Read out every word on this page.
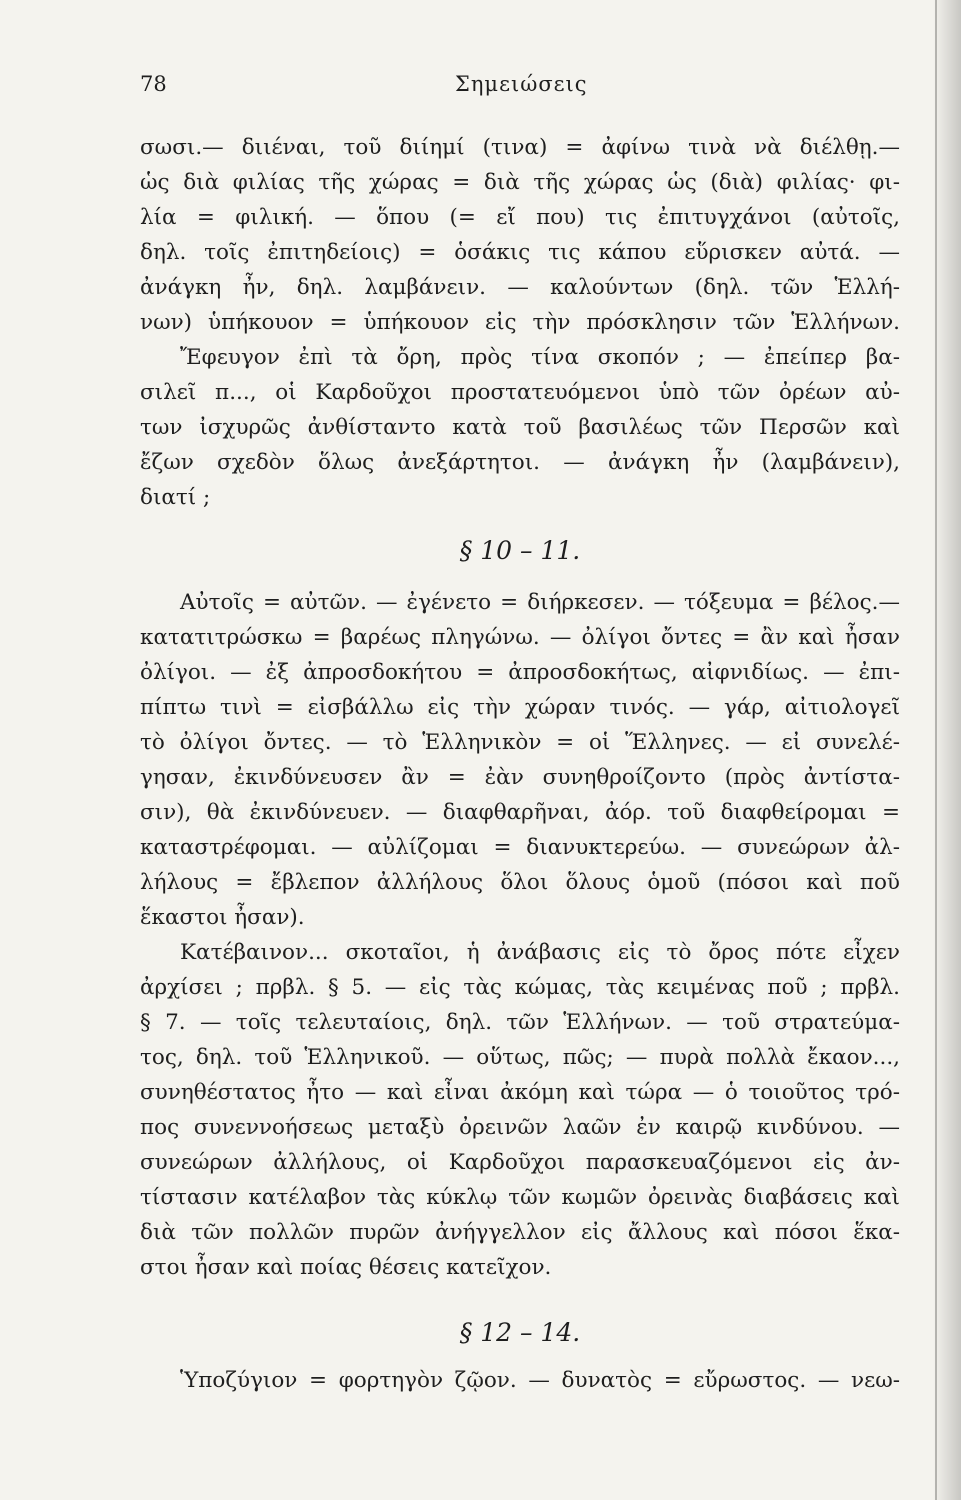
78	Σημειώσεις
σωσι.— διιέναι, τοῦ διίημί (τινα) = ἀφίνω τινὰ νὰ διέλθῃ.—
ὡς διὰ φιλίας τῆς χώρας = διὰ τῆς χώρας ὡς (διὰ) φιλίας· φι-
λία = φιλική. — ὅπου (= εἴ που) τις ἐπιτυγχάνοι (αὐτοῖς,
δηλ. τοῖς ἐπιτηδείοις) = ὁσάκις τις κάπου εὕρισκεν αὐτά. —
ἀνάγκη ἦν, δηλ. λαμβάνειν. — καλούντων (δηλ. τῶν Ἑλλή-
νων) ὑπήκουον = ὑπήκουον εἰς τὴν πρόσκλησιν τῶν Ἑλλήνων.
Ἔφευγον ἐπὶ τὰ ὄρη, πρὸς τίνα σκοπόν ; — ἐπείπερ βα-
σιλεῖ π..., οἱ Καρδοῦχοι προστατευόμενοι ὑπὸ τῶν ὀρέων αὐ-
των ἰσχυρῶς ἀνθίσταντο κατὰ τοῦ βασιλέως τῶν Περσῶν καὶ
ἔζων σχεδὸν ὅλως ἀνεξάρτητοι. — ἀνάγκη ἦν (λαμβάνειν),
διατί ;
§ 10 – 11.
Αὐτοῖς = αὐτῶν. — ἐγένετο = διήρκεσεν. — τόξευμα = βέλος.—
κατατιτρώσκω = βαρέως πληγώνω. — ὀλίγοι ὄντες = ἂν καὶ ἦσαν
ὀλίγοι. — ἐξ ἀπροσδοκήτου = ἀπροσδοκήτως, αἰφνιδίως. — ἐπι-
πίπτω τινὶ = εἰσβάλλω εἰς τὴν χώραν τινός. — γάρ, αἰτιολογεῖ
τὸ ὀλίγοι ὄντες. — τὸ Ἑλληνικὸν = οἱ Ἕλληνες. — εἰ συνελέ-
γησαν, ἐκινδύνευσεν ἂν = ἐὰν συνηθροίζοντο (πρὸς ἀντίστα-
σιν), θὰ ἐκινδύνευεν. — διαφθαρῆναι, ἀόρ. τοῦ διαφθείρομαι =
καταστρέφομαι. — αὐλίζομαι = διανυκτερεύω. — συνεώρων ἀλ-
λήλους = ἔβλεπον ἀλλήλους ὅλοι ὅλους ὁμοῦ (πόσοι καὶ ποῦ
ἕκαστοι ἦσαν).
Κατέβαινον... σκοταῖοι, ἡ ἀνάβασις εἰς τὸ ὄρος πότε εἶχεν
ἀρχίσει ; πρβλ. § 5. — εἰς τὰς κώμας, τὰς κειμένας ποῦ ; πρβλ.
§ 7. — τοῖς τελευταίοις, δηλ. τῶν Ἑλλήνων. — τοῦ στρατεύμα-
τος, δηλ. τοῦ Ἑλληνικοῦ. — οὕτως, πῶς; — πυρὰ πολλὰ ἔκαον...,
συνηθέστατος ἦτο — καὶ εἶναι ἀκόμη καὶ τώρα — ὁ τοιοῦτος τρό-
πος συνεννοήσεως μεταξὺ ὀρεινῶν λαῶν ἐν καιρῷ κινδύνου. —
συνεώρων ἀλλήλους, οἱ Καρδοῦχοι παρασκευαζόμενοι εἰς ἀν-
τίστασιν κατέλαβον τὰς κύκλῳ τῶν κωμῶν ὀρεινὰς διαβάσεις καὶ
διὰ τῶν πολλῶν πυρῶν ἀνήγγελλον εἰς ἄλλους καὶ πόσοι ἕκα-
στοι ἦσαν καὶ ποίας θέσεις κατεῖχον.
§ 12 – 14.
Ὑποζύγιον = φορτηγὸν ζῷον. — δυνατὸς = εὔρωστος. — νεω-
